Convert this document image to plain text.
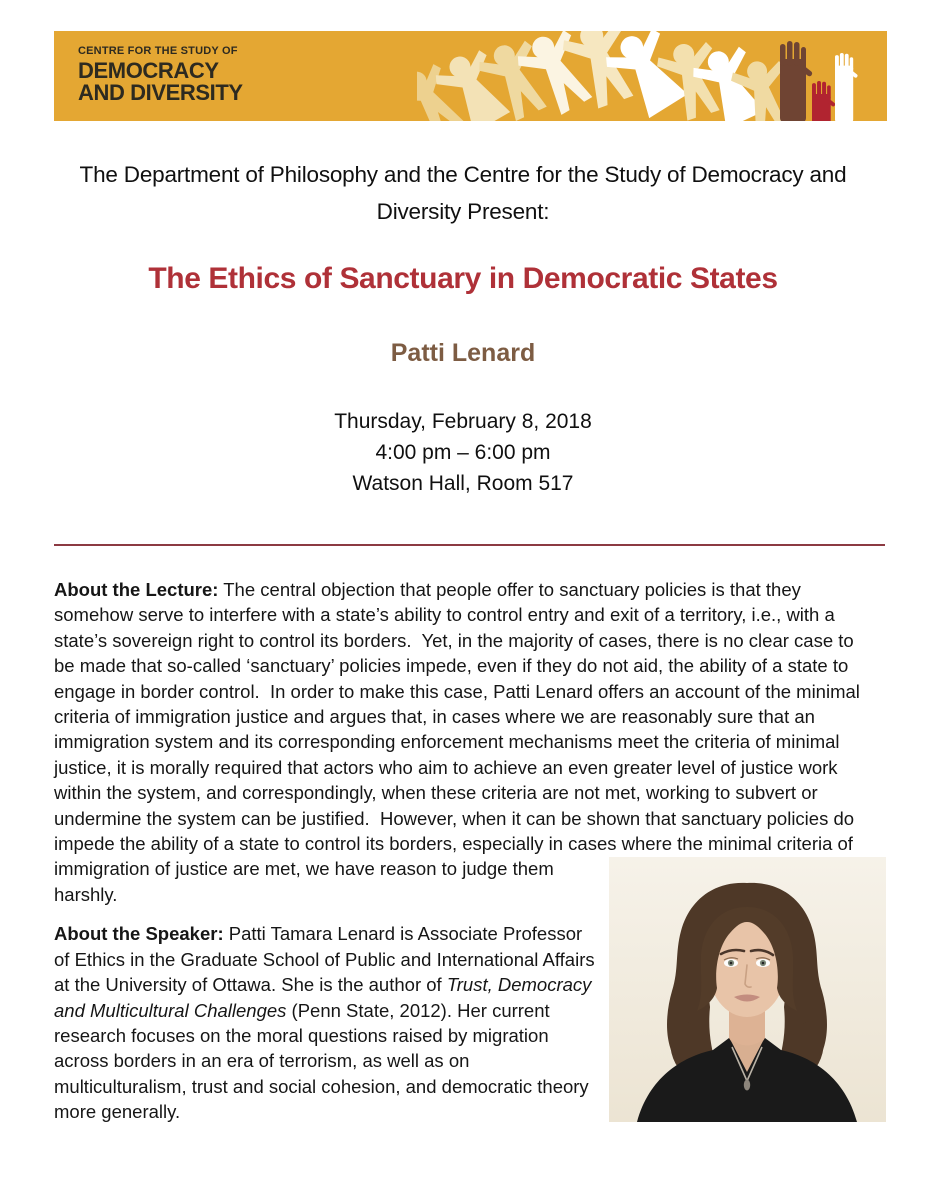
CENTRE FOR THE STUDY OF
DEMOCRACY
AND DIVERSITY
The Department of Philosophy and the Centre for the Study of Democracy and Diversity Present:
The Ethics of Sanctuary in Democratic States
Patti Lenard
Thursday, February 8, 2018
4:00 pm – 6:00 pm
Watson Hall, Room 517

About the Lecture: The central objection that people offer to sanctuary policies is that they somehow serve to interfere with a state’s ability to control entry and exit of a territory, i.e., with a state’s sovereign right to control its borders.  Yet, in the majority of cases, there is no clear case to be made that so-called ‘sanctuary’ policies impede, even if they do not aid, the ability of a state to engage in border control.  In order to make this case, Patti Lenard offers an account of the minimal criteria of immigration justice and argues that, in cases where we are reasonably sure that an immigration system and its corresponding enforcement mechanisms meet the criteria of minimal justice, it is morally required that actors who aim to achieve an even greater level of justice work within the system, and correspondingly, when these criteria are not met, working to subvert or undermine the system can be justified.  However, when it can be shown that sanctuary policies do impede the ability of a state to control its borders, especially in cases where the minimal criteria of immigration of justice are met, we have reason to judge them harshly.

About the Speaker: Patti Tamara Lenard is Associate Professor of Ethics in the Graduate School of Public and International Affairs at the University of Ottawa. She is the author of Trust, Democracy and Multicultural Challenges (Penn State, 2012). Her current research focuses on the moral questions raised by migration across borders in an era of terrorism, as well as on multiculturalism, trust and social cohesion, and democratic theory more generally.
